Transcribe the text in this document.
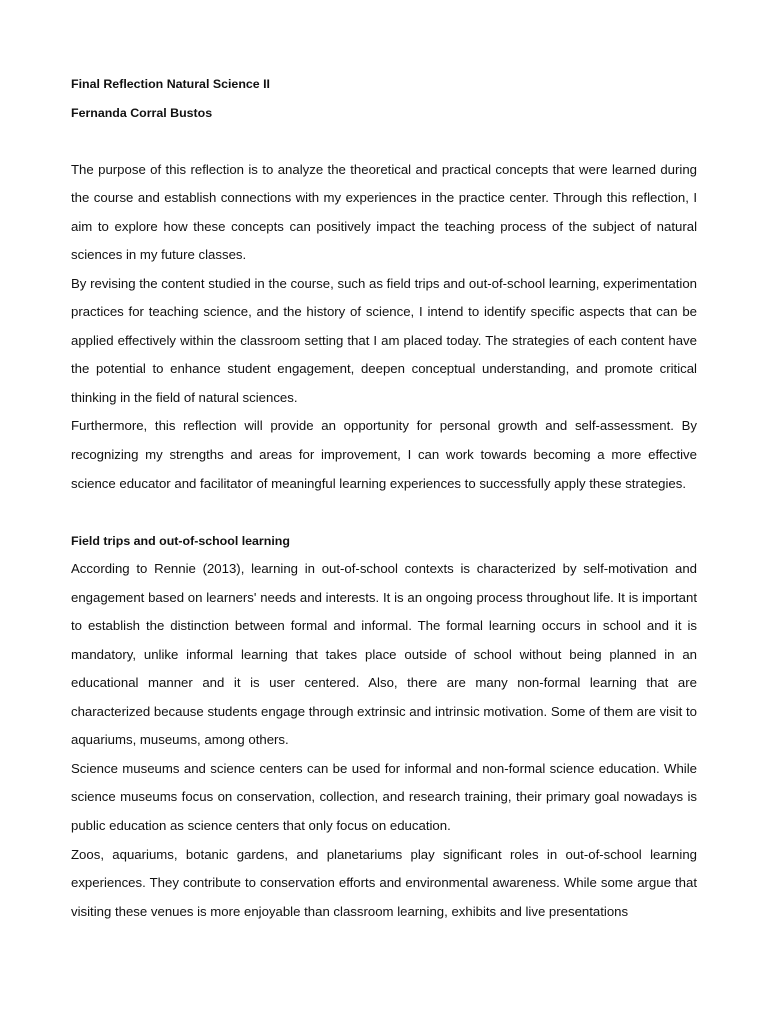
Final Reflection Natural Science II

Fernanda Corral Bustos

The purpose of this reflection is to analyze the theoretical and practical concepts that were learned during the course and establish connections with my experiences in the practice center. Through this reflection, I aim to explore how these concepts can positively impact the teaching process of the subject of natural sciences in my future classes.

By revising the content studied in the course, such as field trips and out-of-school learning, experimentation practices for teaching science, and the history of science, I intend to identify specific aspects that can be applied effectively within the classroom setting that I am placed today. The strategies of each content have the potential to enhance student engagement, deepen conceptual understanding, and promote critical thinking in the field of natural sciences.

Furthermore, this reflection will provide an opportunity for personal growth and self-assessment. By recognizing my strengths and areas for improvement, I can work towards becoming a more effective science educator and facilitator of meaningful learning experiences to successfully apply these strategies.

Field trips and out-of-school learning

According to Rennie (2013), learning in out-of-school contexts is characterized by self-motivation and engagement based on learners' needs and interests. It is an ongoing process throughout life. It is important to establish the distinction between formal and informal. The formal learning occurs in school and it is mandatory, unlike informal learning that takes place outside of school without being planned in an educational manner and it is user centered. Also, there are many non-formal learning that are characterized because students engage through extrinsic and intrinsic motivation. Some of them are visit to aquariums, museums, among others.

Science museums and science centers can be used for informal and non-formal science education. While science museums focus on conservation, collection, and research training, their primary goal nowadays is public education as science centers that only focus on education.

Zoos, aquariums, botanic gardens, and planetariums play significant roles in out-of-school learning experiences. They contribute to conservation efforts and environmental awareness. While some argue that visiting these venues is more enjoyable than classroom learning, exhibits and live presentations
